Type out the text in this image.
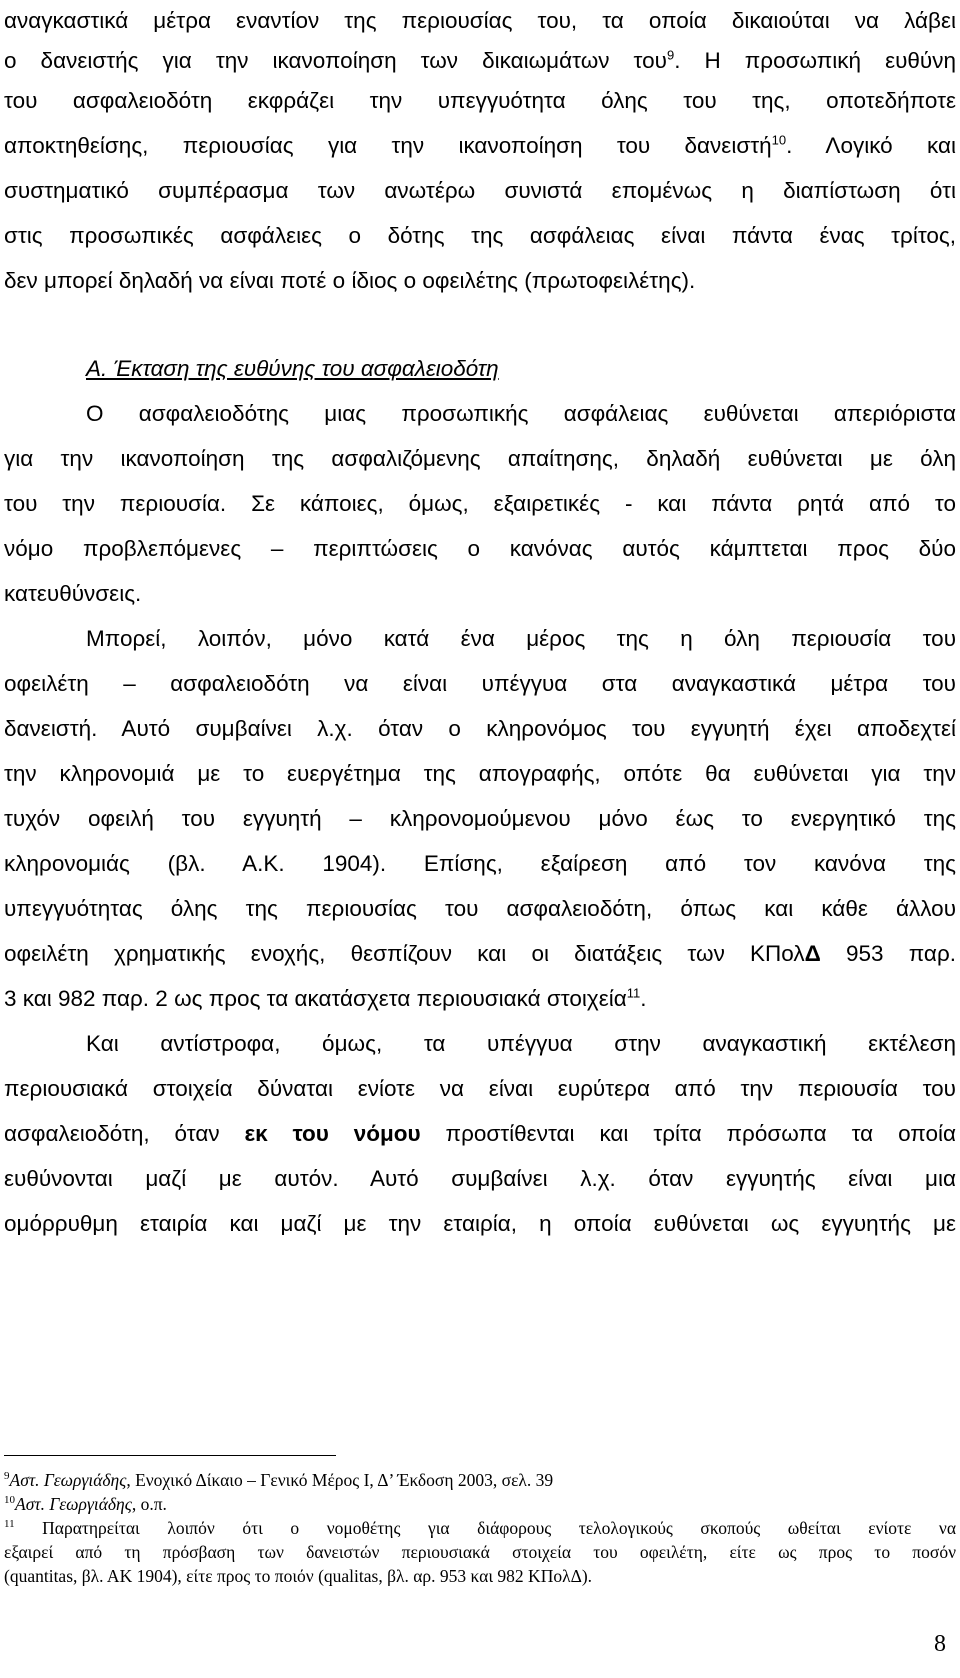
αναγκαστικά μέτρα εναντίον της περιουσίας του, τα οποία δικαιούται να λάβει
ο δανειστής για την ικανοποίηση των δικαιωμάτων του$^9$. Η προσωπική ευθύνη
του ασφαλειοδότη εκφράζει την υπεγγυότητα όλης του της, οποτεδήποτε
αποκτηθείσης, περιουσίας για την ικανοποίηση του δανειστή$^{10}$. Λογικό και
συστηματικό συμπέρασμα των ανωτέρω συνιστά επομένως η διαπίστωση ότι
στις προσωπικές ασφάλειες ο δότης της ασφάλειας είναι πάντα ένας τρίτος,
δεν μπορεί δηλαδή να είναι ποτέ ο ίδιος ο οφειλέτης (πρωτοφειλέτης).
Α. Έκταση της ευθύνης του ασφαλειοδότη
Ο ασφαλειοδότης μιας προσωπικής ασφάλειας ευθύνεται απεριόριστα
για την ικανοποίηση της ασφαλιζόμενης απαίτησης, δηλαδή ευθύνεται με όλη
του την περιουσία. Σε κάποιες, όμως, εξαιρετικές - και πάντα ρητά από το
νόμο προβλεπόμενες – περιπτώσεις ο κανόνας αυτός κάμπτεται προς δύο
κατευθύνσεις.
Μπορεί, λοιπόν, μόνο κατά ένα μέρος της η όλη περιουσία του
οφειλέτη – ασφαλειοδότη να είναι υπέγγυα στα αναγκαστικά μέτρα του
δανειστή. Αυτό συμβαίνει λ.χ. όταν ο κληρονόμος του εγγυητή έχει αποδεχτεί
την κληρονομιά με το ευεργέτημα της απογραφής, οπότε θα ευθύνεται για την
τυχόν οφειλή του εγγυητή – κληρονομούμενου μόνο έως το ενεργητικό της
κληρονομιάς (βλ. Α.Κ. 1904). Επίσης, εξαίρεση από τον κανόνα της
υπεγγυότητας όλης της περιουσίας του ασφαλειοδότη, όπως και κάθε άλλου
οφειλέτη χρηματικής ενοχής, θεσπίζουν και οι διατάξεις των ΚΠολΔ 953 παρ.
3 και 982 παρ. 2 ως προς τα ακατάσχετα περιουσιακά στοιχεία$^{11}$.
Και αντίστροφα, όμως, τα υπέγγυα στην αναγκαστική εκτέλεση
περιουσιακά στοιχεία δύναται ενίοτε να είναι ευρύτερα από την περιουσία του
ασφαλειοδότη, όταν εκ του νόμου προστίθενται και τρίτα πρόσωπα τα οποία
ευθύνονται μαζί με αυτόν. Αυτό συμβαίνει λ.χ. όταν εγγυητής είναι μια
ομόρρυθμη εταιρία και μαζί με την εταιρία, η οποία ευθύνεται ως εγγυητής με
$^9$Αστ. Γεωργιάδης, Ενοχικό Δίκαιο – Γενικό Μέρος Ι, Δ’ Έκδοση 2003, σελ. 39
$^{10}$Αστ. Γεωργιάδης, ο.π.
$^{11}$ Παρατηρείται λοιπόν ότι ο νομοθέτης για διάφορους τελολογικούς σκοπούς ωθείται ενίοτε να
εξαιρεί από τη πρόσβαση των δανειστών περιουσιακά στοιχεία του οφειλέτη, είτε ως προς το ποσόν
(quantitas, βλ. ΑΚ 1904), είτε προς το ποιόν (qualitas, βλ. αρ. 953 και 982 ΚΠολΔ).
8
